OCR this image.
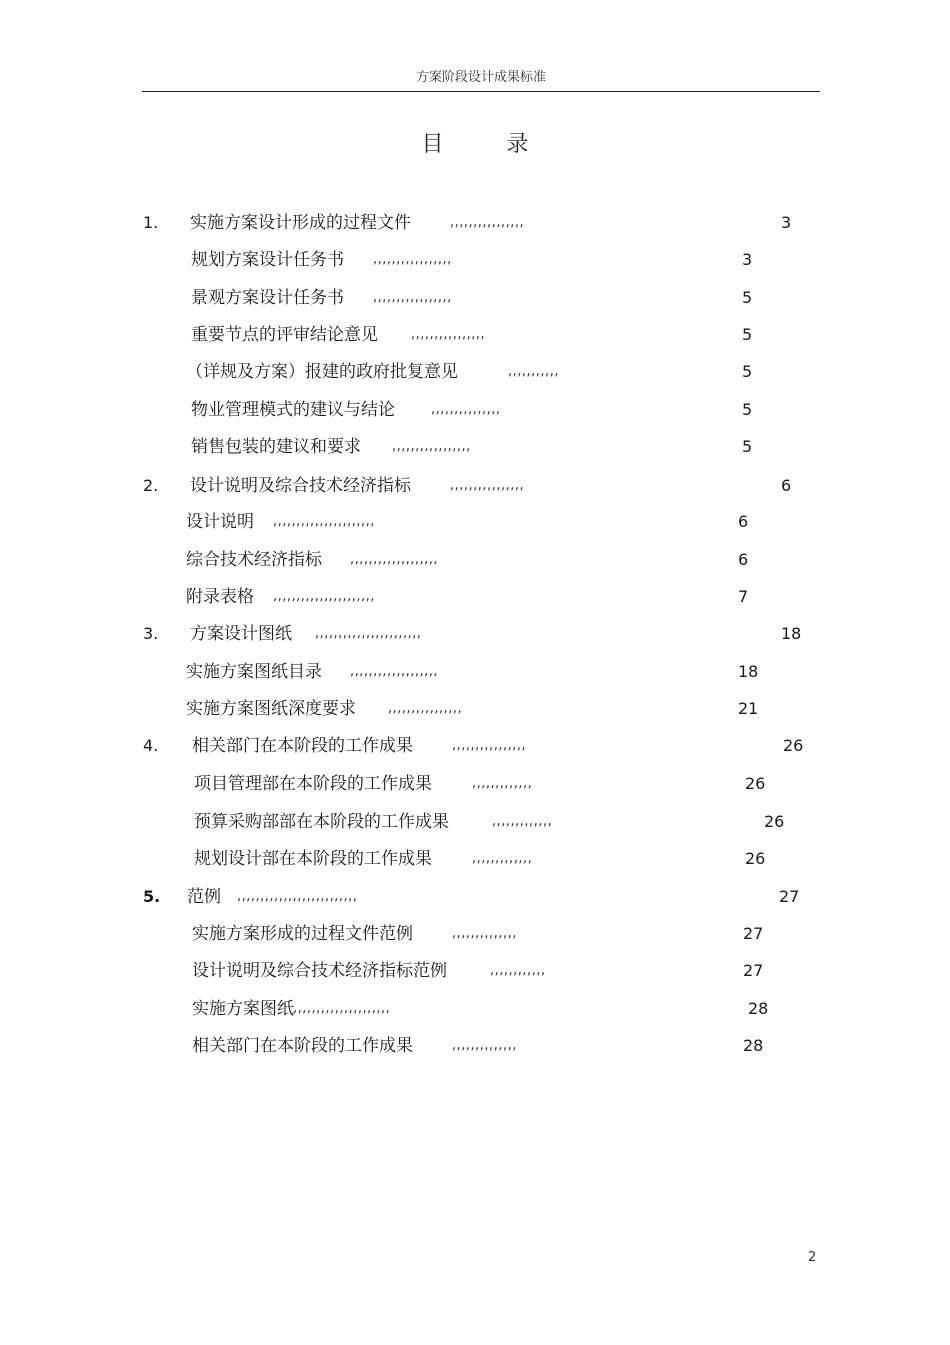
方案阶段设计成果标准
目 录
1. 实施方案设计形成的过程文件	,,,,,,,,,,,,,,,,	3
规划方案设计任务书 ,,,,,,,,,,,,,,,,,	3
景观方案设计任务书 ,,,,,,,,,,,,,,,,,	5
重要节点的评审结论意见	,,,,,,,,,,,,,,,,	5
（详规及方案）报建的政府批复意见	,,,,,,,,,,,	5
物业管理模式的建议与结论	,,,,,,,,,,,,,,,	5
销售包装的建议和要求 ,,,,,,,,,,,,,,,,,	5
2. 设计说明及综合技术经济指标	,,,,,,,,,,,,,,,,	6
设计说明 ,,,,,,,,,,,,,,,,,,,,,,	6
综合技术经济指标 ,,,,,,,,,,,,,,,,,,,	6
附录表格 ,,,,,,,,,,,,,,,,,,,,,,	7
3. 方案设计图纸 ,,,,,,,,,,,,,,,,,,,,,,,	18
实施方案图纸目录 ,,,,,,,,,,,,,,,,,,,	18
实施方案图纸深度要求 ,,,,,,,,,,,,,,,,	21
4. 相关部门在本阶段的工作成果	,,,,,,,,,,,,,,,,	26
项目管理部在本阶段的工作成果	,,,,,,,,,,,,,	26
预算采购部部在本阶段的工作成果	,,,,,,,,,,,,,	26
规划设计部在本阶段的工作成果	,,,,,,,,,,,,,	26
5. 范例 ,,,,,,,,,,,,,,,,,,,,,,,,,,	27
实施方案形成的过程文件范例	,,,,,,,,,,,,,,	27
设计说明及综合技术经济指标范例	,,,,,,,,,,,,	27
实施方案图纸 ,,,,,,,,,,,,,,,,,,,,,	28
相关部门在本阶段的工作成果	,,,,,,,,,,,,,,	28
2
